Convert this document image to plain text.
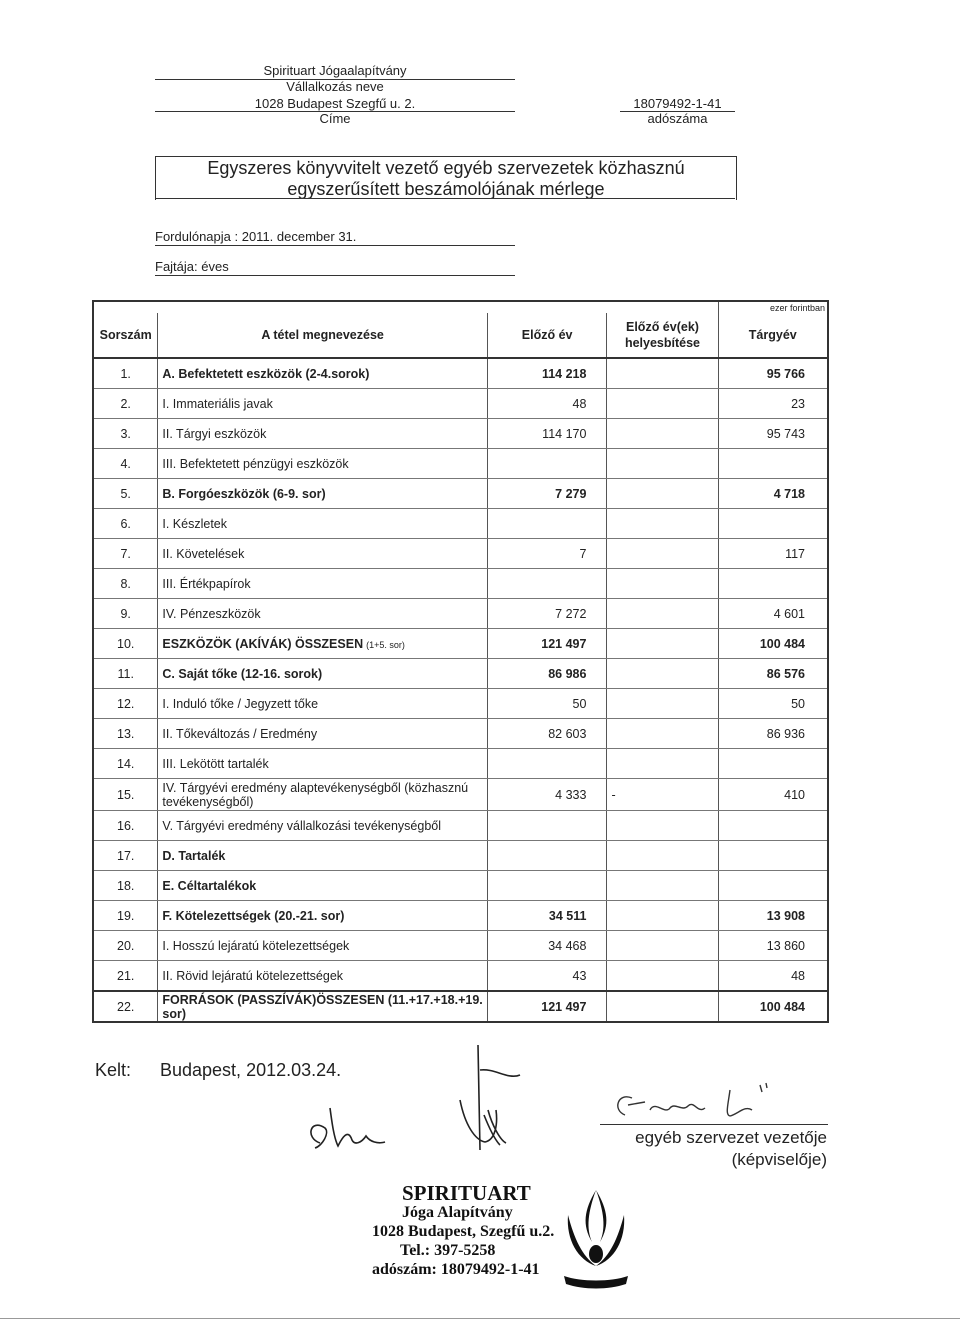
Spirituart Jógaalapítvány
Vállalkozás neve
1028 Budapest Szegfű u. 2.
Címe
18079492-1-41
adószáma
Egyszeres könyvvitelt vezető egyéb szervezetek közhasznú
egyszerűsített beszámolójának mérlege
Fordulónapja : 2011. december 31.
Fajtája: éves
				ezer forintban
Sorszám	A tétel megnevezése	Előző év	Előző év(ek) helyesbítése	Tárgyév
1.	A. Befektetett eszközök (2-4.sorok)	114 218		95 766
2.	I. Immateriális javak	48		23
3.	II. Tárgyi eszközök	114 170		95 743
4.	III. Befektetett pénzügyi eszközök			
5.	B. Forgóeszközök (6-9. sor)	7 279		4 718
6.	I. Készletek			
7.	II. Követelések	7		117
8.	III. Értékpapírok			
9.	IV. Pénzeszközök	7 272		4 601
10.	ESZKÖZÖK (AKÍVÁK) ÖSSZESEN (1+5. sor)	121 497		100 484
11.	C. Saját tőke (12-16. sorok)	86 986		86 576
12.	I. Induló tőke / Jegyzett tőke	50		50
13.	II. Tőkeváltozás / Eredmény	82 603		86 936
14.	III. Lekötött tartalék			
15.	IV. Tárgyévi eredmény alaptevékenységből (közhasznú tevékenységből)	4 333	-	410
16.	V. Tárgyévi eredmény vállalkozási tevékenységből			
17.	D. Tartalék			
18.	E. Céltartalékok			
19.	F. Kötelezettségek (20.-21. sor)	34 511		13 908
20.	I. Hosszú lejáratú kötelezettségek	34 468		13 860
21.	II. Rövid lejáratú kötelezettségek	43		48
22.	FORRÁSOK (PASSZÍVÁK)ÖSSZESEN (11.+17.+18.+19. sor)	121 497		100 484
Kelt: Budapest, 2012.03.24.
egyéb szervezet vezetője
(képviselője)
SPIRITUART
Jóga Alapítvány
1028 Budapest, Szegfű u.2.
Tel.: 397-5258
adószám: 18079492-1-41
